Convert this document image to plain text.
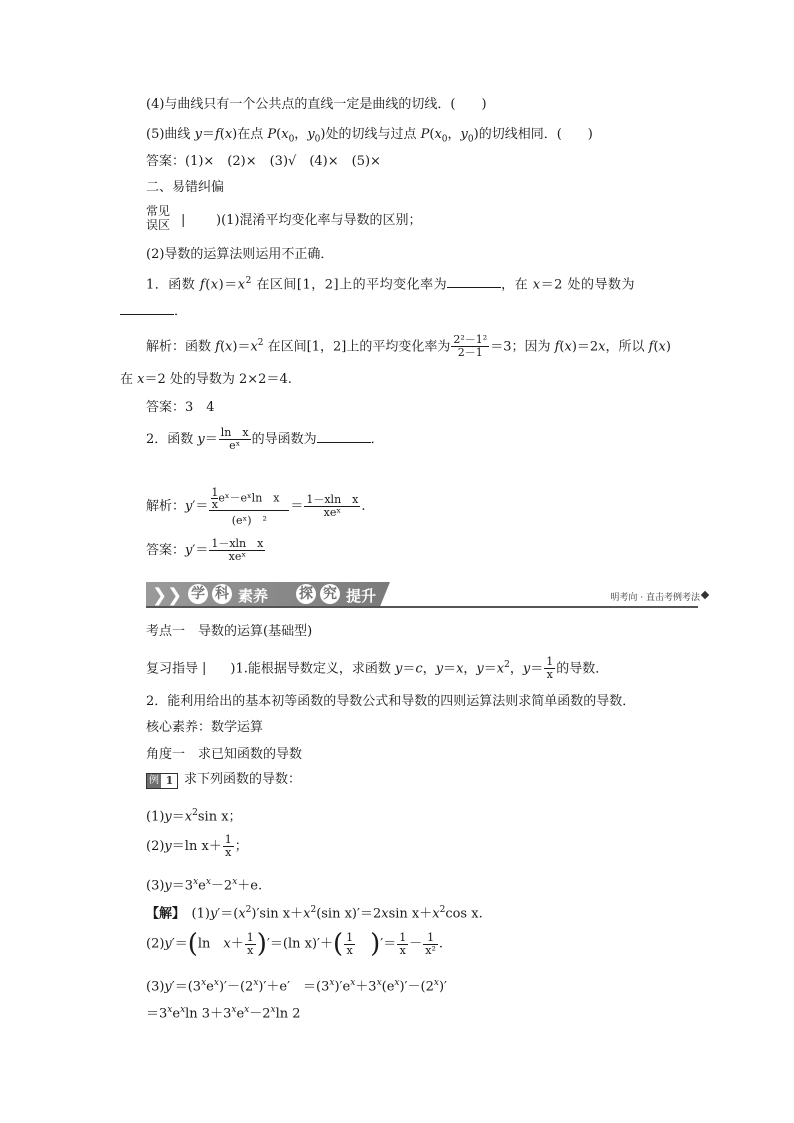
(4)与曲线只有一个公共点的直线一定是曲线的切线．(　　)
(5)曲线 y＝f(x)在点 $P(x_0$，$y_0$)处的切线与过点 $P(x_0$，$y_0$)的切线相同．(　　)
答案：(1)×　(2)×　(3)√　(4)×　(5)×
二、易错纠偏
常见
误区 | )(1)混淆平均变化率与导数的区别；
(2)导数的运算法则运用不正确．
1．函数 $f(x)=x^2$ 在区间[1，2]上的平均变化率为	，在 x＝2 处的导数为
．
解析：函数 $f(x)=x^2$ 在区间[1，2]上的平均变化率为 $\frac{\text{2²－1²}}{2-1} =3$；因为 f(x)＝2x，所以 f(x)
在 x＝2 处的导数为 2×2＝4.
答案：3　4
2．函数 $y= \frac{\text{ln　x}}{\text{eˣ}}$ 的导函数为	．
解析：$y'= \frac{\frac{1}{x} eˣ-eˣ\ln x}{\text{(eˣ)　²}} = \frac{\text{1－xln　x}}{\text{xeˣ}}$ .
答案：$y'= \frac{\text{1－xln　x}}{\text{xeˣ}}$
❯❯ 学 科 素养	·
探 究 提升	明考向 · 直击考例考法
考点一　导数的运算(基础型)
复习指导 | )1.能根据导数定义，求函数 y＝c，y＝x，$y=x^2$，$y= \frac{1}{x}$ 的导数．
2．能利用给出的基本初等函数的导数公式和导数的四则运算法则求简单函数的导数．
核心素养：数学运算
角度一　求已知函数的导数
例 1 求下列函数的导数：
$(1)y=x^2\sin$ x；
(2)y＝ln $x+ \frac{1}{x}$ ；
$(3)y=3^xe^x-2^x+e$.
【解】　$(1)y'=(x^2)'\sin$ $x+x^2(\sin$ x)′＝2xsin $x+x^2\cos$ x.
(2)y′＝(ln　$x+ \frac{1}{x} )'=(\ln$ $x)'+( \frac{1}{x}$ )′＝ $\frac{1}{x} - \frac{1}{\text{x²}}$ .
$(3)y'=(3^xe^x)'-(2^x)'+e'$　$=(3^x)'e^x+3^x(e^x)'-(2^x)'$
$=3^xe^x\ln$ $3+3^xe^x-2^x\ln$ 2
